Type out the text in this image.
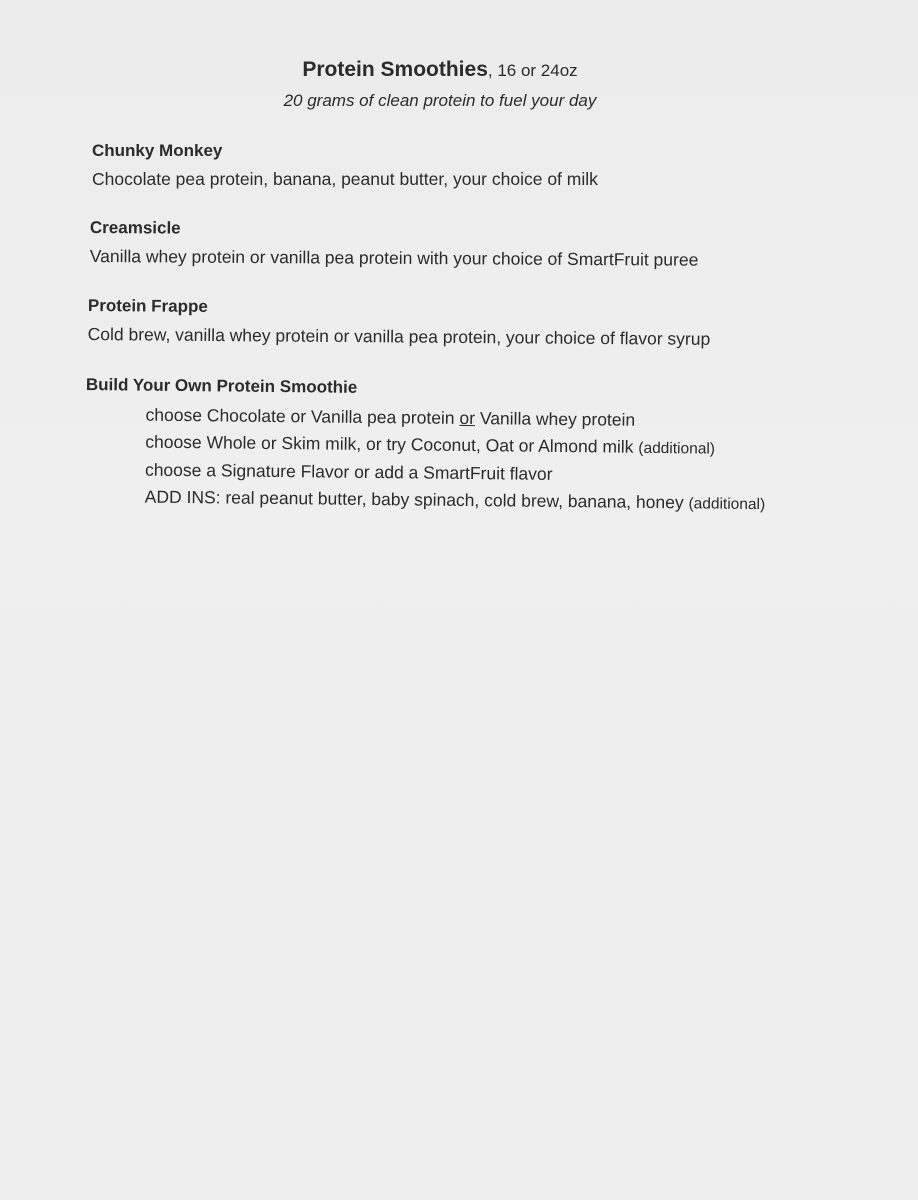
Protein Smoothies, 16 or 24oz
20 grams of clean protein to fuel your day
Chunky Monkey
Chocolate pea protein, banana, peanut butter, your choice of milk
Creamsicle
Vanilla whey protein or vanilla pea protein with your choice of SmartFruit puree
Protein Frappe
Cold brew, vanilla whey protein or vanilla pea protein, your choice of flavor syrup
Build Your Own Protein Smoothie
choose Chocolate or Vanilla pea protein or Vanilla whey protein
choose Whole or Skim milk, or try Coconut, Oat or Almond milk (additional)
choose a Signature Flavor or add a SmartFruit flavor
ADD INS: real peanut butter, baby spinach, cold brew, banana, honey (additional)
